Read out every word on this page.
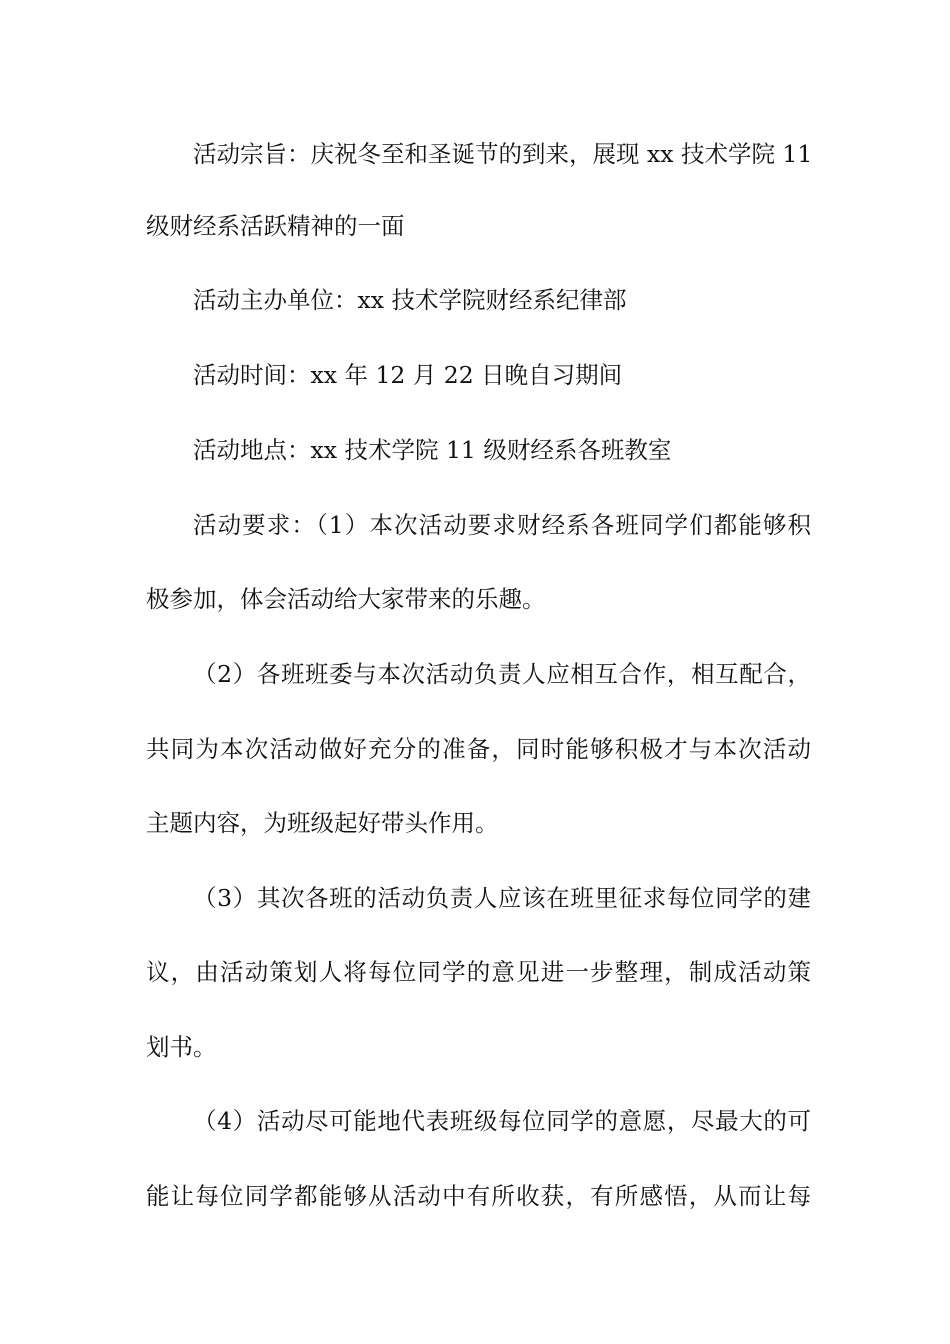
活动宗旨：庆祝冬至和圣诞节的到来，展现 xx 技术学院 11
级财经系活跃精神的一面
活动主办单位：xx 技术学院财经系纪律部
活动时间：xx 年 12 月 22 日晚自习期间
活动地点：xx 技术学院 11 级财经系各班教室
活动要求：（1）本次活动要求财经系各班同学们都能够积
极参加，体会活动给大家带来的乐趣。
（2）各班班委与本次活动负责人应相互合作，相互配合，
共同为本次活动做好充分的准备，同时能够积极才与本次活动
主题内容，为班级起好带头作用。
（3）其次各班的活动负责人应该在班里征求每位同学的建
议，由活动策划人将每位同学的意见进一步整理，制成活动策
划书。
（4）活动尽可能地代表班级每位同学的意愿，尽最大的可
能让每位同学都能够从活动中有所收获，有所感悟，从而让每
